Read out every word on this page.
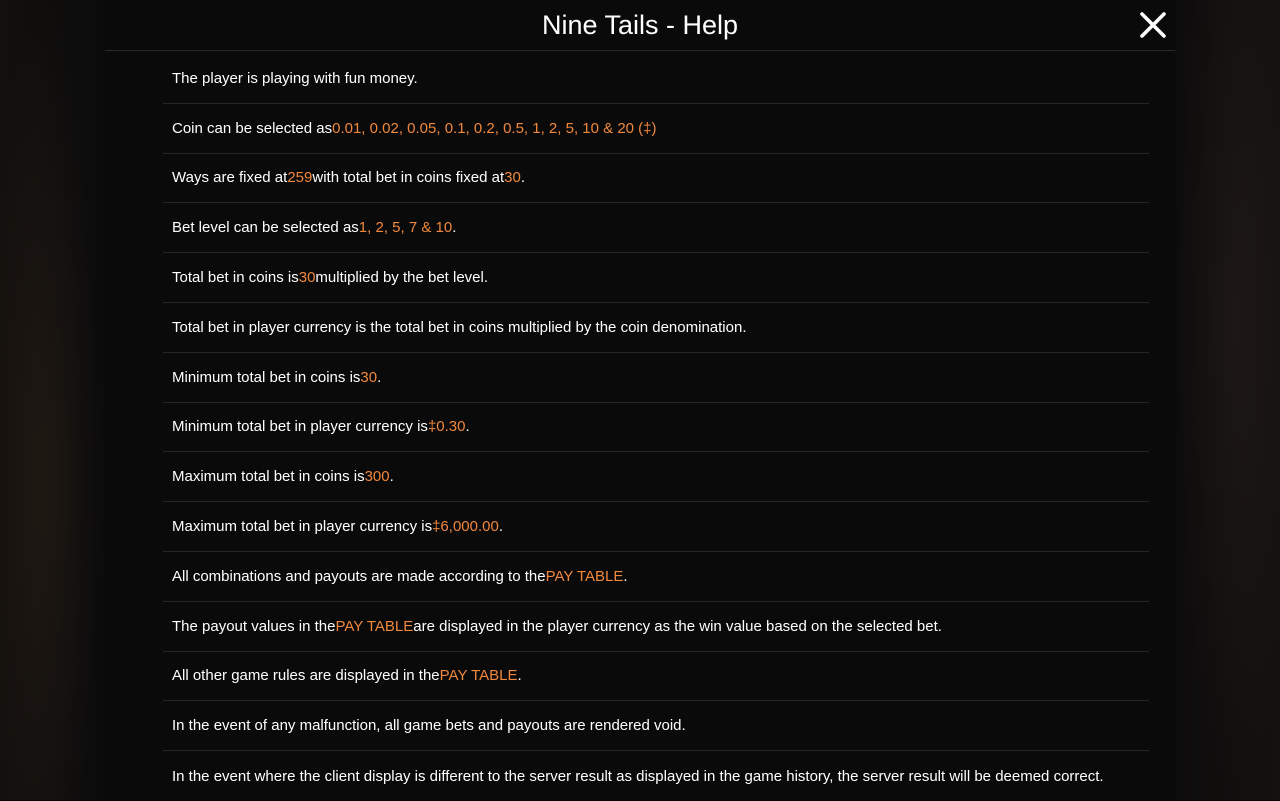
Nine Tails - Help
The player is playing with fun money.
Coin can be selected as 0.01, 0.02, 0.05, 0.1, 0.2, 0.5, 1, 2, 5, 10 & 20 (‡)
Ways are fixed at 259 with total bet in coins fixed at 30 .
Bet level can be selected as 1, 2, 5, 7 & 10 .
Total bet in coins is 30 multiplied by the bet level.
Total bet in player currency is the total bet in coins multiplied by the coin denomination.
Minimum total bet in coins is 30 .
Minimum total bet in player currency is ‡0.30 .
Maximum total bet in coins is 300 .
Maximum total bet in player currency is ‡6,000.00 .
All combinations and payouts are made according to the PAY TABLE .
The payout values in the PAY TABLE are displayed in the player currency as the win value based on the selected bet.
All other game rules are displayed in the PAY TABLE .
In the event of any malfunction, all game bets and payouts are rendered void.
In the event where the client display is different to the server result as displayed in the game history, the server result will be deemed correct.
